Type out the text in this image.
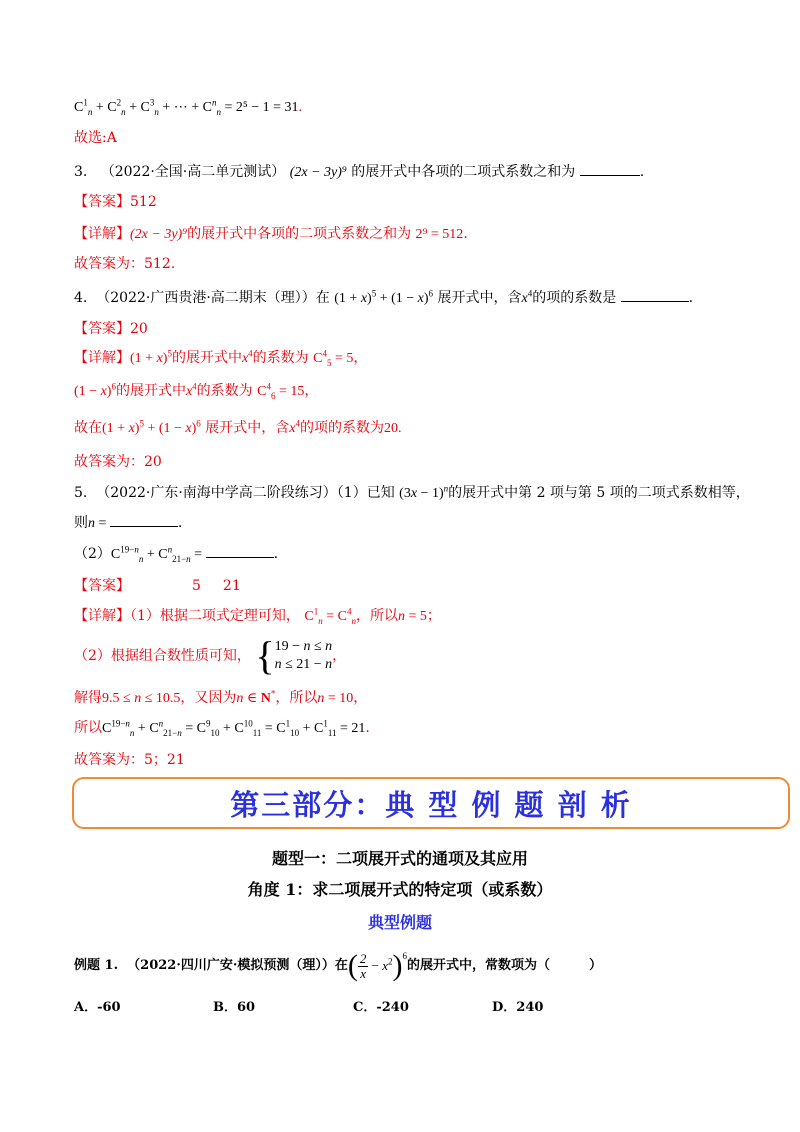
$C^1_n + C^2_n + C^3_n$ + ⋯ + $C^n_n = 2^5 - 1 = 31$.
故选:A
3. （2022·全国·高二单元测试） (2x − 3y)⁹ 的展开式中各项的二项式系数之和为	.
【答案】512
【详解】(2x − 3y)⁹的展开式中各项的二项式系数之和为 2⁹ = 512.
故答案为：512.
4. （2022·广西贵港·高二期末（理））在 $(1 + x)^5 + (1 - x)^6$ 展开式中，含$x^4$的项的系数是	.
【答案】20
【详解】$(1 + x)^5$的展开式中$x^4$的系数为 $C^4_5 = 5$，
$(1 - x)^6$的展开式中$x^4$的系数为 $C^4_6 = 15$，
故在$(1 + x)^5 + (1 - x)^6$ 展开式中，含$x^4$的项的系数为20.
故答案为：20
5. （2022·广东·南海中学高二阶段练习）（1）已知 $(3x - 1)^n$的展开式中第 2 项与第 5 项的二项式系数相等，
则n =	.
$(2)C^{19-n}_n + C^n_{21-n}$ =	.
【答案】	5 21
【详解】（1）根据二项式定理可知， $C^1_n = C^4_n$，所以n = 5；
（2）根据组合数性质可知， {19 − n ≤ n
n ≤ 21 − n，
解得9.5 ≤ n ≤ 10.5，又因为n ∈ N*，所以n = 10，
所以$C^{19-n}_n + C^n_{21-n} = C^9_{10} + C^{10}_{11} = C^1_{10} + C^1_{11} = 21$.
故答案为：5；21
第三部分：典 型 例 题 剖 析
题型一：二项展开式的通项及其应用
角度 1：求二项展开式的特定项（或系数）
典型例题
例题 1.
（2022·四川广安·模拟预测（理））在 ( $\frac{2}{x} - x^2$ ) 6
的展开式中，常数项为（　　　）
A．-60	B．60	C．-240	D．240
